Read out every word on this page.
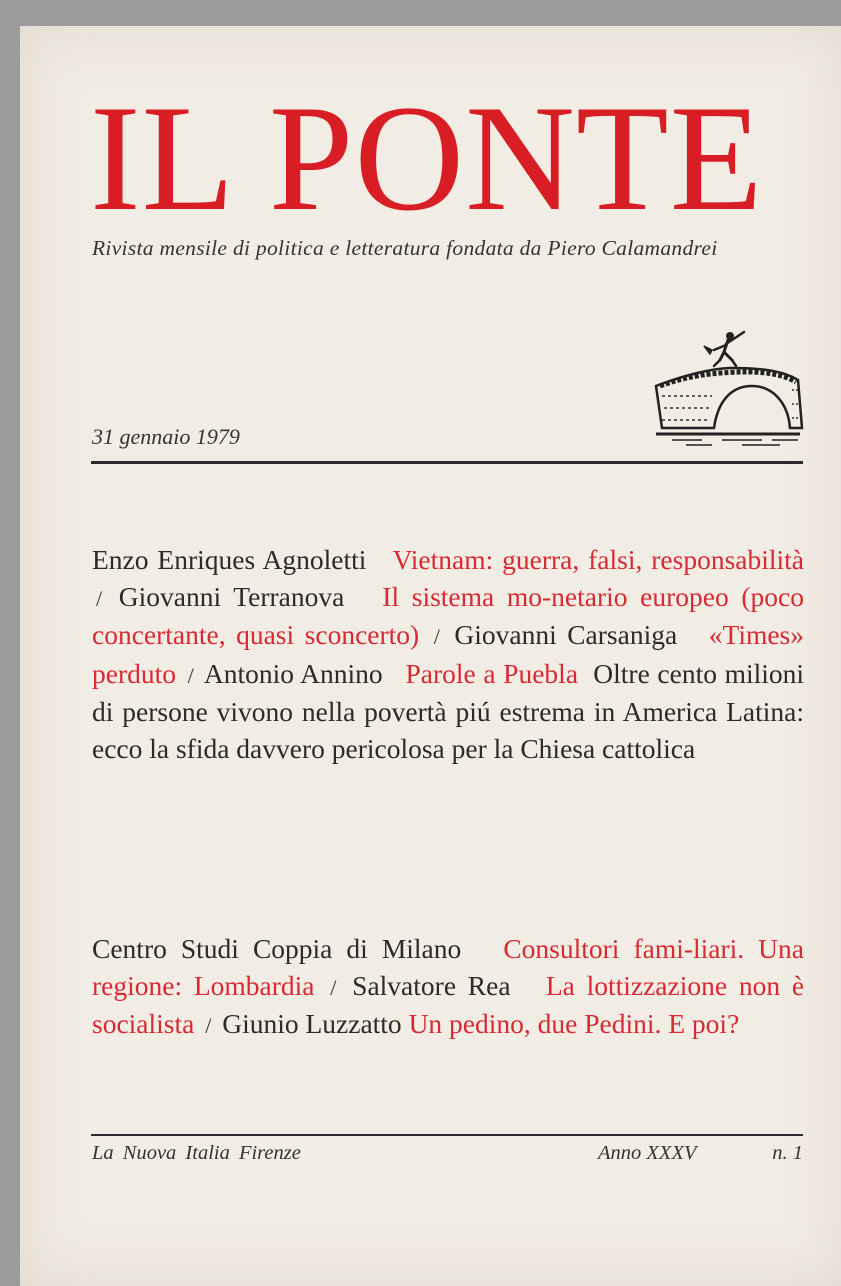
IL PONTE
Rivista mensile di politica e letteratura fondata da Piero Calamandrei
31 gennaio 1979

Enzo Enriques Agnoletti Vietnam: guerra, falsi, responsabilità / Giovanni Terranova Il sistema mo-netario europeo (poco concertante, quasi sconcerto) / Giovanni Carsaniga «Times» perduto / Antonio Annino Parole a Puebla Oltre cento milioni di persone vivono nella povertà piú estrema in America Latina: ecco la sfida davvero pericolosa per la Chiesa cattolica

Centro Studi Coppia di Milano Consultori fami-liari. Una regione: Lombardia / Salvatore Rea La lottizzazione non è socialista / Giunio Luzzatto Un pedino, due Pedini. E poi?

La Nuova Italia Firenze	Anno XXXV	n. 1
